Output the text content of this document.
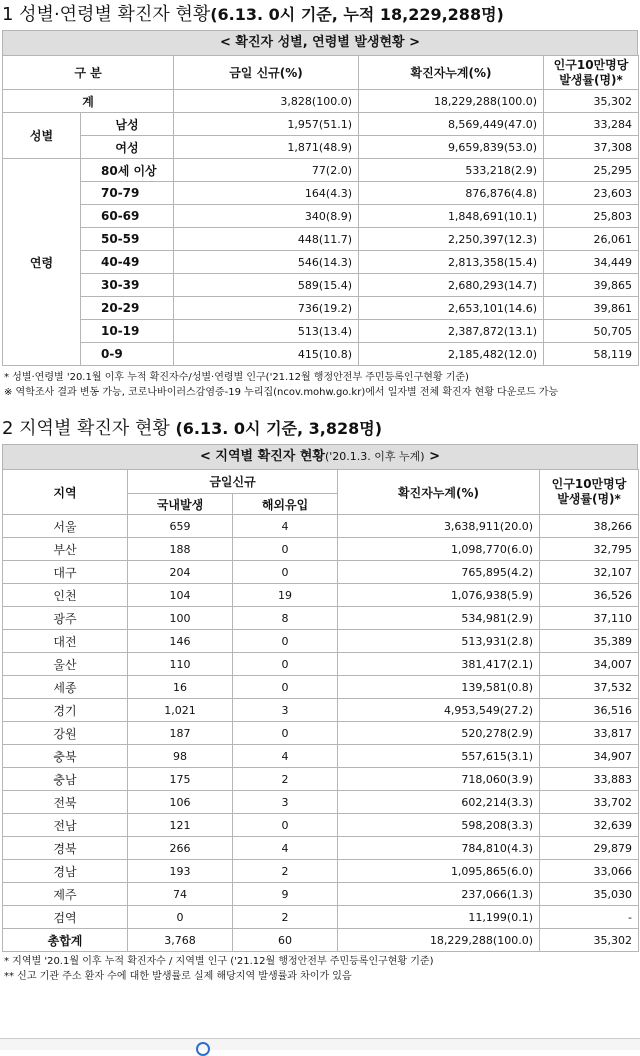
1 성별·연령별 확진자 현황(6.13. 0시 기준, 누적 18,229,288명)
< 확진자 성별, 연령별 발생현황 >
구 분		금일 신규(%)	확진자누계(%)	인구10만명당
발생률(명)*
계		3,828(100.0)	18,229,288(100.0)	35,302
성별	남성	1,957(51.1)	8,569,449(47.0)	33,284
	여성	1,871(48.9)	9,659,839(53.0)	37,308
연령	80세 이상	77(2.0)	533,218(2.9)	25,295
	70-79	164(4.3)	876,876(4.8)	23,603
	60-69	340(8.9)	1,848,691(10.1)	25,803
	50-59	448(11.7)	2,250,397(12.3)	26,061
	40-49	546(14.3)	2,813,358(15.4)	34,449
	30-39	589(15.4)	2,680,293(14.7)	39,865
	20-29	736(19.2)	2,653,101(14.6)	39,861
	10-19	513(13.4)	2,387,872(13.1)	50,705
	0-9	415(10.8)	2,185,482(12.0)	58,119
* 성별·연령별 '20.1월 이후 누적 확진자수/성별·연령별 인구('21.12월 행정안전부 주민등록인구현황 기준)
※ 역학조사 결과 변동 가능, 코로나바이러스감염증-19 누리집(ncov.mohw.go.kr)에서 일자별 전체 확진자 현황 다운로드 가능
2 지역별 확진자 현황 (6.13. 0시 기준, 3,828명)
< 지역별 확진자 현황('20.1.3. 이후 누계) >
지역	금일신규		확진자누계(%)	인구10만명당
발생률(명)*
	국내발생	해외유입		
서울	659	4	3,638,911(20.0)	38,266
부산	188	0	1,098,770(6.0)	32,795
대구	204	0	765,895(4.2)	32,107
인천	104	19	1,076,938(5.9)	36,526
광주	100	8	534,981(2.9)	37,110
대전	146	0	513,931(2.8)	35,389
울산	110	0	381,417(2.1)	34,007
세종	16	0	139,581(0.8)	37,532
경기	1,021	3	4,953,549(27.2)	36,516
강원	187	0	520,278(2.9)	33,817
충북	98	4	557,615(3.1)	34,907
충남	175	2	718,060(3.9)	33,883
전북	106	3	602,214(3.3)	33,702
전남	121	0	598,208(3.3)	32,639
경북	266	4	784,810(4.3)	29,879
경남	193	2	1,095,865(6.0)	33,066
제주	74	9	237,066(1.3)	35,030
검역	0	2	11,199(0.1)	-
총합계	3,768	60	18,229,288(100.0)	35,302
* 지역별 '20.1월 이후 누적 확진자수 / 지역별 인구 ('21.12월 행정안전부 주민등록인구현황 기준)
** 신고 기관 주소 환자 수에 대한 발생률로 실제 해당지역 발생률과 차이가 있음
